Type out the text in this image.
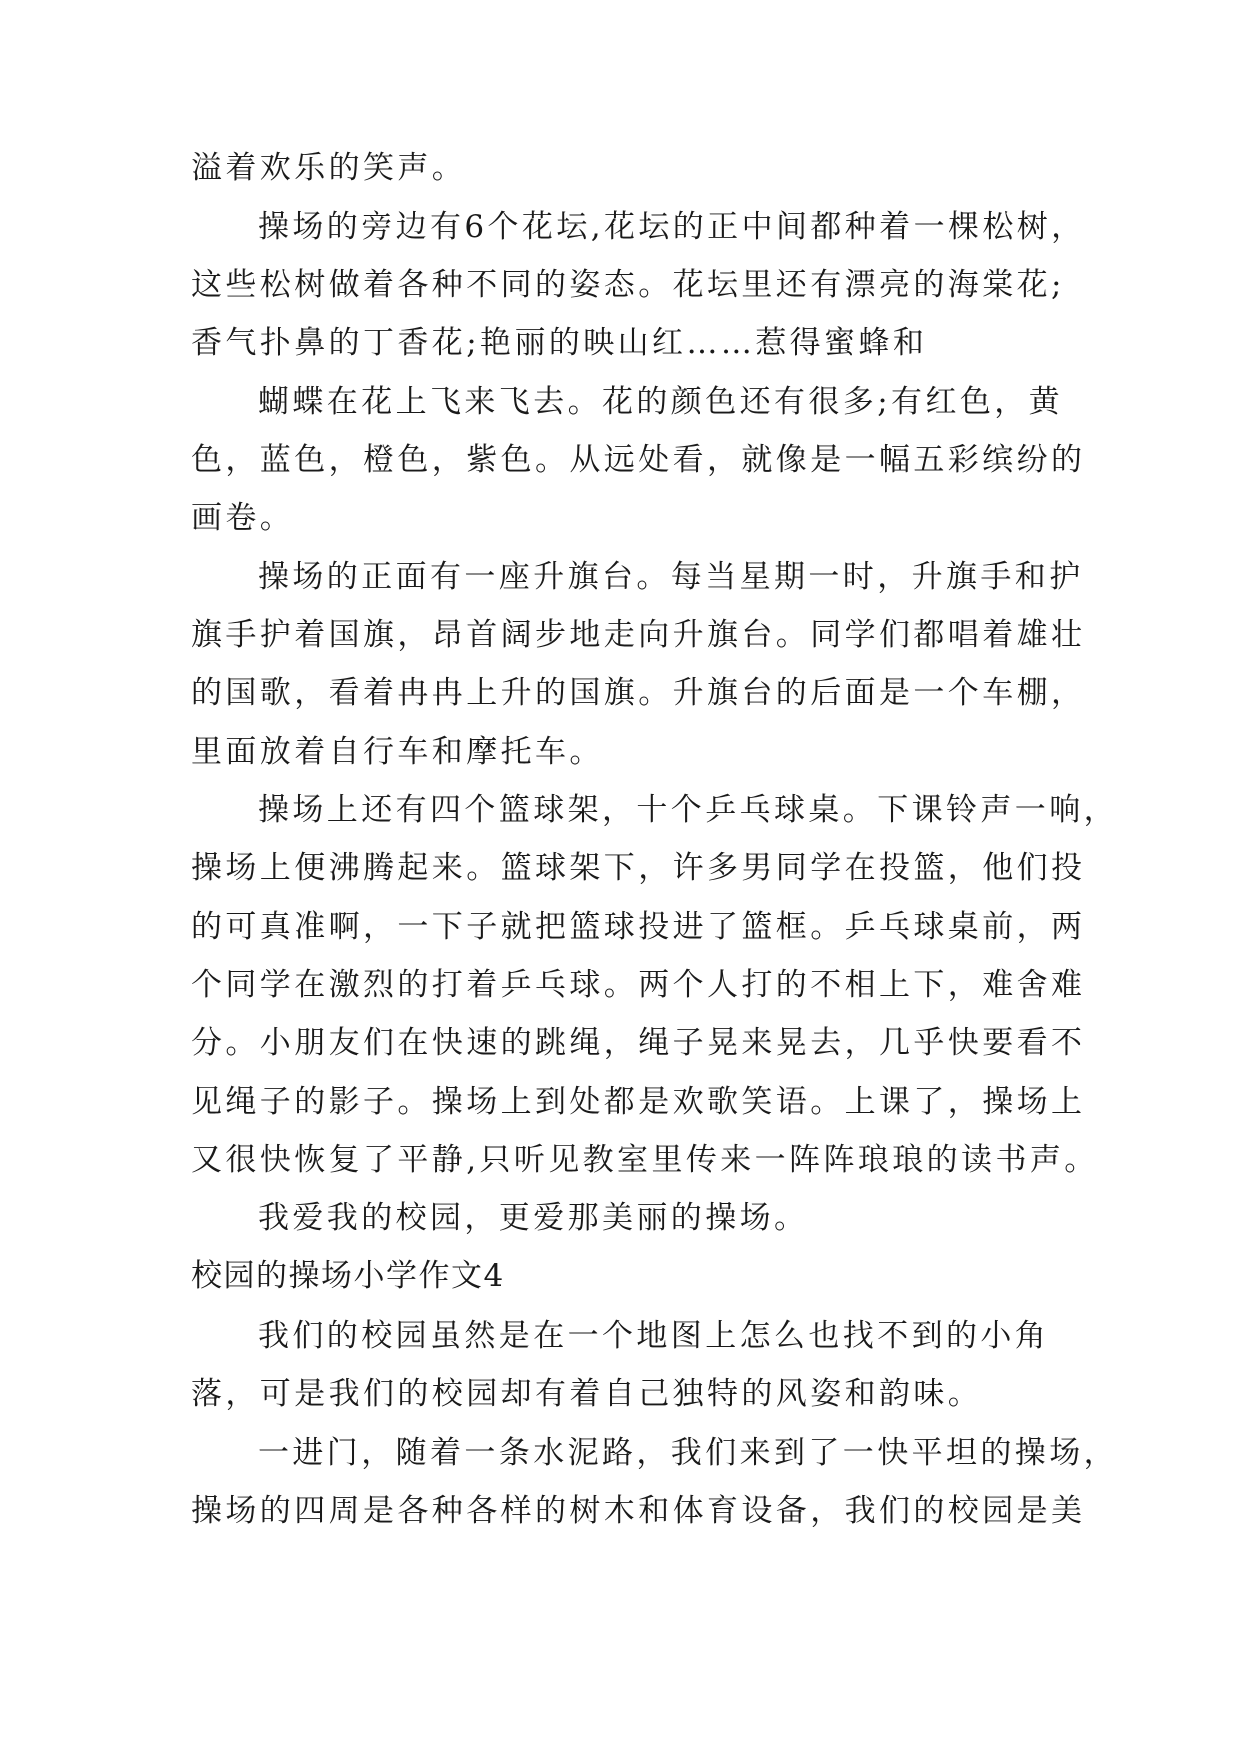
溢着欢乐的笑声。
操场的旁边有6个花坛,花坛的正中间都种着一棵松树，
这些松树做着各种不同的姿态。花坛里还有漂亮的海棠花;
香气扑鼻的丁香花;艳丽的映山红……惹得蜜蜂和
蝴蝶在花上飞来飞去。花的颜色还有很多;有红色，黄
色，蓝色，橙色，紫色。从远处看，就像是一幅五彩缤纷的
画卷。
操场的正面有一座升旗台。每当星期一时，升旗手和护
旗手护着国旗，昂首阔步地走向升旗台。同学们都唱着雄壮
的国歌，看着冉冉上升的国旗。升旗台的后面是一个车棚，
里面放着自行车和摩托车。
操场上还有四个篮球架，十个乒乓球桌。下课铃声一响，
操场上便沸腾起来。篮球架下，许多男同学在投篮，他们投
的可真准啊，一下子就把篮球投进了篮框。乒乓球桌前，两
个同学在激烈的打着乒乓球。两个人打的不相上下，难舍难
分。小朋友们在快速的跳绳，绳子晃来晃去，几乎快要看不
见绳子的影子。操场上到处都是欢歌笑语。上课了，操场上
又很快恢复了平静,只听见教室里传来一阵阵琅琅的读书声。
我爱我的校园，更爱那美丽的操场。
校园的操场小学作文4
我们的校园虽然是在一个地图上怎么也找不到的小角
落，可是我们的校园却有着自己独特的风姿和韵味。
一进门，随着一条水泥路，我们来到了一快平坦的操场，
操场的四周是各种各样的树木和体育设备，我们的校园是美
